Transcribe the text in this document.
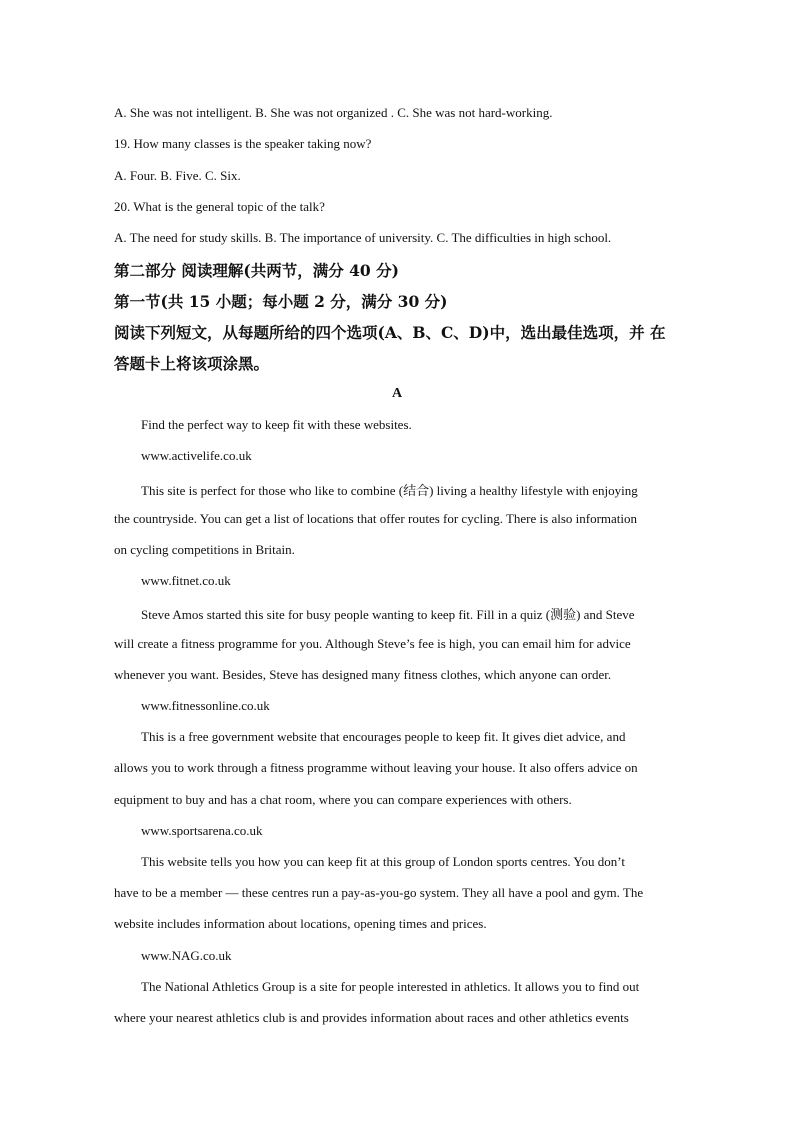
A. She was not intelligent. B. She was not organized . C. She was not hard-working.
19. How many classes is the speaker taking now?
A. Four. B. Five. C. Six.
20. What is the general topic of the talk?
A. The need for study skills. B. The importance of university. C. The difficulties in high school.
第二部分 阅读理解(共两节，满分 40 分)
第一节(共 15 小题；每小题 2 分，满分 30 分)
阅读下列短文，从每题所给的四个选项(A、B、C、D)中，选出最佳选项，并 在
答题卡上将该项涂黑。
A
Find the perfect way to keep fit with these websites.
www.activelife.co.uk
This site is perfect for those who like to combine (结合) living a healthy lifestyle with enjoying
the countryside. You can get a list of locations that offer routes for cycling. There is also information
on cycling competitions in Britain.
www.fitnet.co.uk
Steve Amos started this site for busy people wanting to keep fit. Fill in a quiz (测验) and Steve
will create a fitness programme for you. Although Steve’s fee is high, you can email him for advice
whenever you want. Besides, Steve has designed many fitness clothes, which anyone can order.
www.fitnessonline.co.uk
This is a free government website that encourages people to keep fit. It gives diet advice, and
allows you to work through a fitness programme without leaving your house. It also offers advice on
equipment to buy and has a chat room, where you can compare experiences with others.
www.sportsarena.co.uk
This website tells you how you can keep fit at this group of London sports centres. You don’t
have to be a member — these centres run a pay-as-you-go system. They all have a pool and gym. The
website includes information about locations, opening times and prices.
www.NAG.co.uk
The National Athletics Group is a site for people interested in athletics. It allows you to find out
where your nearest athletics club is and provides information about races and other athletics events
